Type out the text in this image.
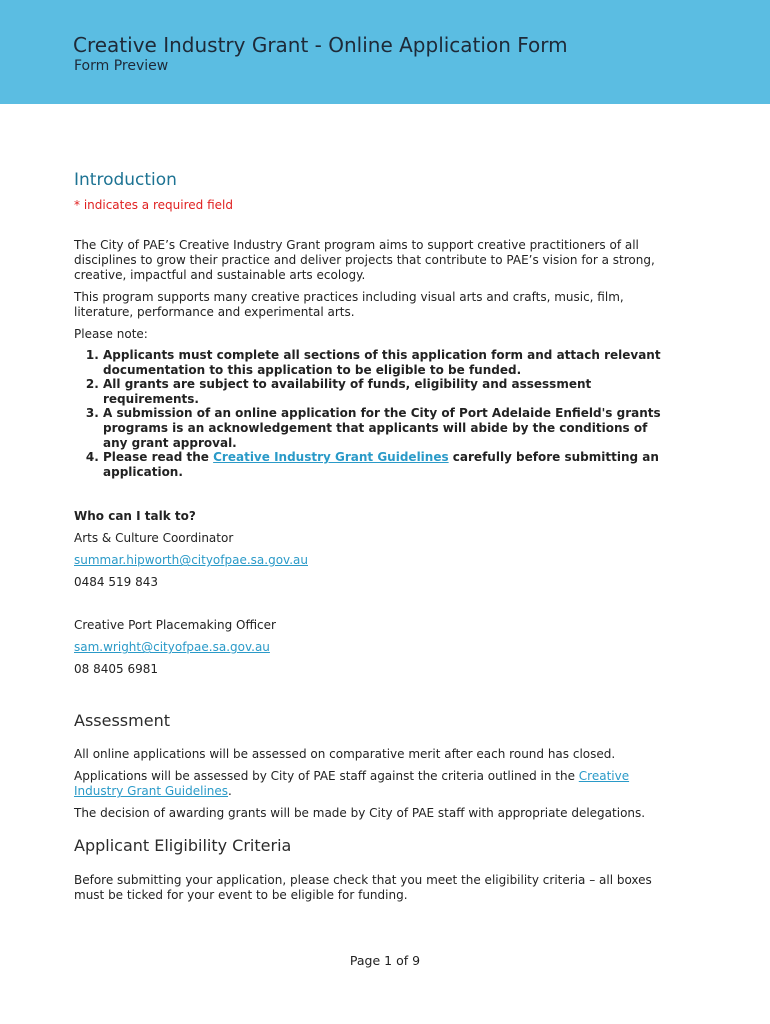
Creative Industry Grant - Online Application Form
Form Preview
Introduction
* indicates a required field

The City of PAE’s Creative Industry Grant program aims to support creative practitioners of all disciplines to grow their practice and deliver projects that contribute to PAE’s vision for a strong, creative, impactful and sustainable arts ecology.

This program supports many creative practices including visual arts and crafts, music, film, literature, performance and experimental arts.

Please note:

1. Applicants must complete all sections of this application form and attach relevant documentation to this application to be eligible to be funded.
2. All grants are subject to availability of funds, eligibility and assessment requirements.
3. A submission of an online application for the City of Port Adelaide Enfield's grants programs is an acknowledgement that applicants will abide by the conditions of any grant approval.
4. Please read the Creative Industry Grant Guidelines carefully before submitting an application.
Who can I talk to?
Arts & Culture Coordinator
summar.hipworth@cityofpae.sa.gov.au
0484 519 843
Creative Port Placemaking Officer
sam.wright@cityofpae.sa.gov.au
08 8405 6981
Assessment

All online applications will be assessed on comparative merit after each round has closed.

Applications will be assessed by City of PAE staff against the criteria outlined in the Creative Industry Grant Guidelines.

The decision of awarding grants will be made by City of PAE staff with appropriate delegations.

Applicant Eligibility Criteria

Before submitting your application, please check that you meet the eligibility criteria – all boxes must be ticked for your event to be eligible for funding.

Page 1 of 9
